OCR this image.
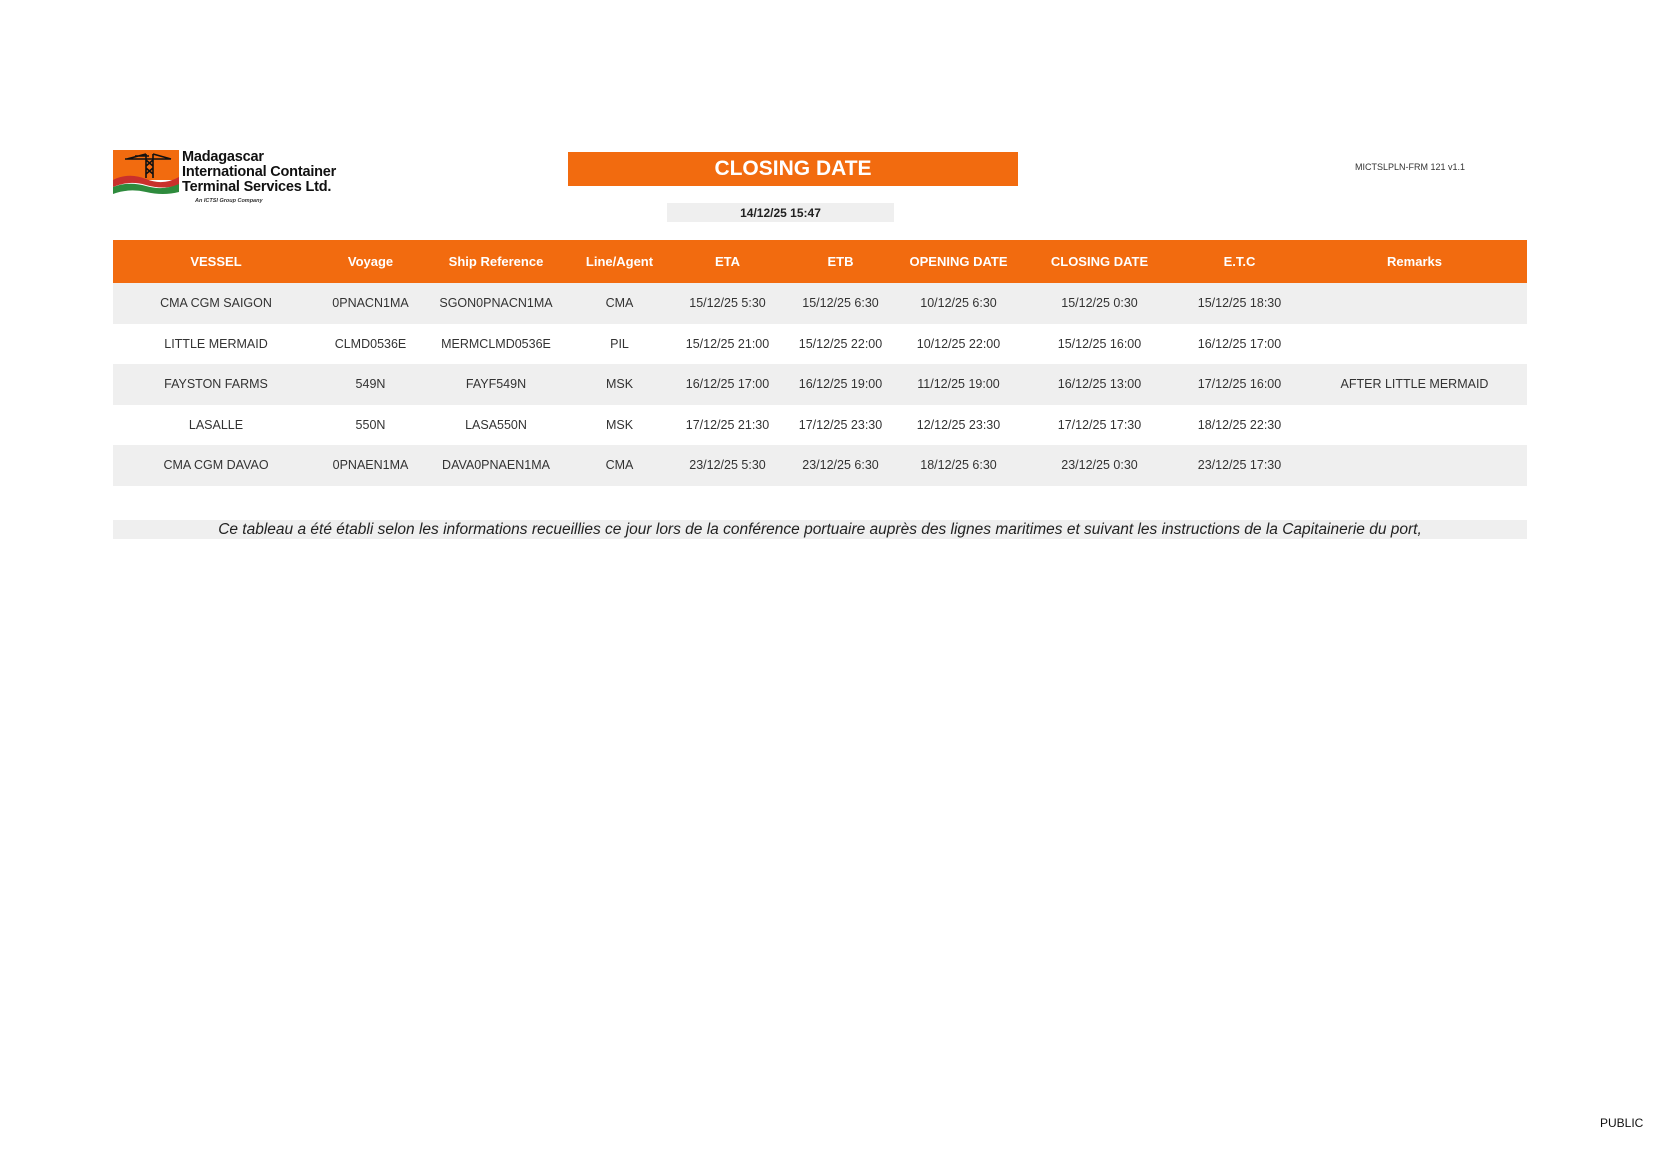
Madagascar
International Container
Terminal Services Ltd.
An ICTSI Group Company
CLOSING DATE
14/12/25 15:47
MICTSLPLN-FRM 121 v1.1
VESSEL	Voyage	Ship Reference	Line/Agent	ETA	ETB	OPENING DATE	CLOSING DATE	E.T.C	Remarks
CMA CGM SAIGON	0PNACN1MA	SGON0PNACN1MA	CMA	15/12/25 5:30	15/12/25 6:30	10/12/25 6:30	15/12/25 0:30	15/12/25 18:30	
LITTLE MERMAID	CLMD0536E	MERMCLMD0536E	PIL	15/12/25 21:00	15/12/25 22:00	10/12/25 22:00	15/12/25 16:00	16/12/25 17:00	
FAYSTON FARMS	549N	FAYF549N	MSK	16/12/25 17:00	16/12/25 19:00	11/12/25 19:00	16/12/25 13:00	17/12/25 16:00	AFTER LITTLE MERMAID
LASALLE	550N	LASA550N	MSK	17/12/25 21:30	17/12/25 23:30	12/12/25 23:30	17/12/25 17:30	18/12/25 22:30	
CMA CGM DAVAO	0PNAEN1MA	DAVA0PNAEN1MA	CMA	23/12/25 5:30	23/12/25 6:30	18/12/25 6:30	23/12/25 0:30	23/12/25 17:30	
Ce tableau a été établi selon les informations recueillies ce jour lors de la conférence portuaire auprès des lignes maritimes et suivant les instructions de la Capitainerie du port,
PUBLIC
